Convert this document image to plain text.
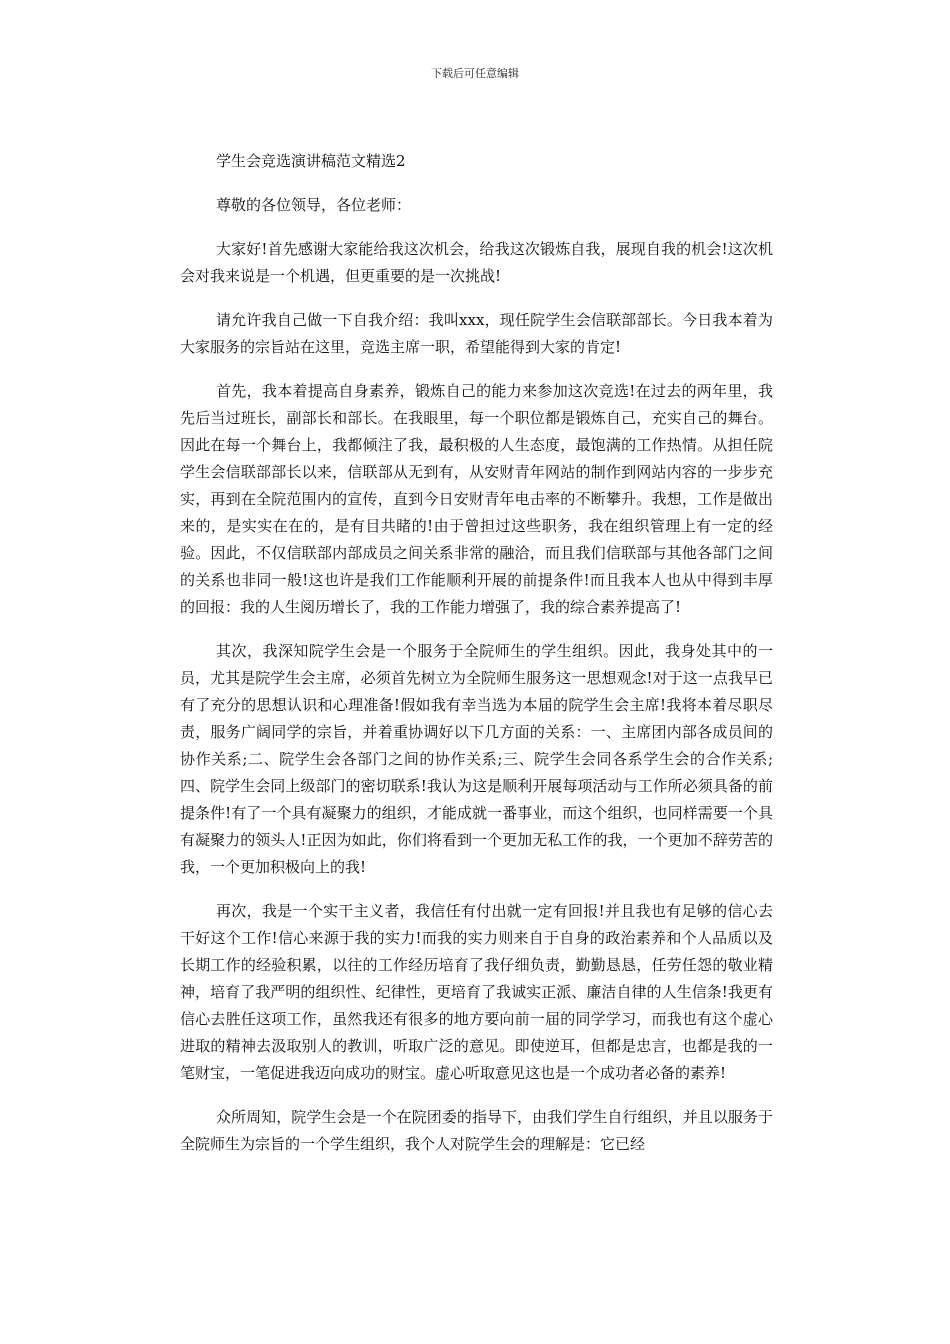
下载后可任意编辑

学生会竞选演讲稿范文精选2

尊敬的各位领导，各位老师：

大家好!首先感谢大家能给我这次机会，给我这次锻炼自我，展现自我的机会!这次机会对我来说是一个机遇，但更重要的是一次挑战!

请允许我自己做一下自我介绍：我叫xxx，现任院学生会信联部部长。今日我本着为大家服务的宗旨站在这里，竞选主席一职，希望能得到大家的肯定!

首先，我本着提高自身素养，锻炼自己的能力来参加这次竞选!在过去的两年里，我先后当过班长，副部长和部长。在我眼里，每一个职位都是锻炼自己，充实自己的舞台。因此在每一个舞台上，我都倾注了我，最积极的人生态度，最饱满的工作热情。从担任院学生会信联部部长以来，信联部从无到有，从安财青年网站的制作到网站内容的一步步充实，再到在全院范围内的宣传，直到今日安财青年电击率的不断攀升。我想，工作是做出来的，是实实在在的，是有目共睹的!由于曾担过这些职务，我在组织管理上有一定的经验。因此，不仅信联部内部成员之间关系非常的融洽，而且我们信联部与其他各部门之间的关系也非同一般!这也许是我们工作能顺利开展的前提条件!而且我本人也从中得到丰厚的回报：我的人生阅历增长了，我的工作能力增强了，我的综合素养提高了!

其次，我深知院学生会是一个服务于全院师生的学生组织。因此，我身处其中的一员，尤其是院学生会主席，必须首先树立为全院师生服务这一思想观念!对于这一点我早已有了充分的思想认识和心理准备!假如我有幸当选为本届的院学生会主席!我将本着尽职尽责，服务广阔同学的宗旨，并着重协调好以下几方面的关系：一、主席团内部各成员间的协作关系;二、院学生会各部门之间的协作关系;三、院学生会同各系学生会的合作关系;四、院学生会同上级部门的密切联系!我认为这是顺利开展每项活动与工作所必须具备的前提条件!有了一个具有凝聚力的组织，才能成就一番事业，而这个组织，也同样需要一个具有凝聚力的领头人!正因为如此，你们将看到一个更加无私工作的我，一个更加不辞劳苦的我，一个更加积极向上的我!

再次，我是一个实干主义者，我信任有付出就一定有回报!并且我也有足够的信心去干好这个工作!信心来源于我的实力!而我的实力则来自于自身的政治素养和个人品质以及长期工作的经验积累，以往的工作经历培育了我仔细负责，勤勤恳恳，任劳任怨的敬业精神，培育了我严明的组织性、纪律性，更培育了我诚实正派、廉洁自律的人生信条!我更有信心去胜任这项工作，虽然我还有很多的地方要向前一届的同学学习，而我也有这个虚心进取的精神去汲取别人的教训，听取广泛的意见。即使逆耳，但都是忠言，也都是我的一笔财宝，一笔促进我迈向成功的财宝。虚心听取意见这也是一个成功者必备的素养!

众所周知，院学生会是一个在院团委的指导下，由我们学生自行组织，并且以服务于全院师生为宗旨的一个学生组织，我个人对院学生会的理解是：它已经
